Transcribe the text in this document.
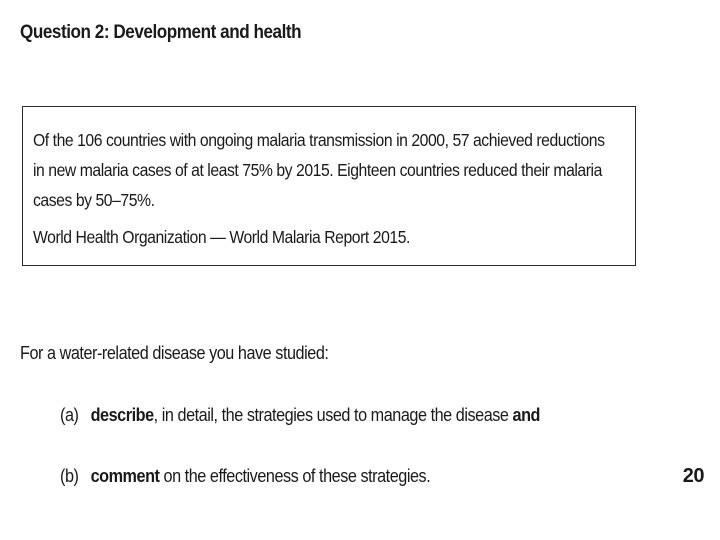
Question 2: Development and health
Of the 106 countries with ongoing malaria transmission in 2000, 57 achieved reductions in new malaria cases of at least 75% by 2015. Eighteen countries reduced their malaria cases by 50–75%.
World Health Organization — World Malaria Report 2015.
For a water-related disease you have studied:
(a) describe, in detail, the strategies used to manage the disease and
(b) comment on the effectiveness of these strategies.	20
